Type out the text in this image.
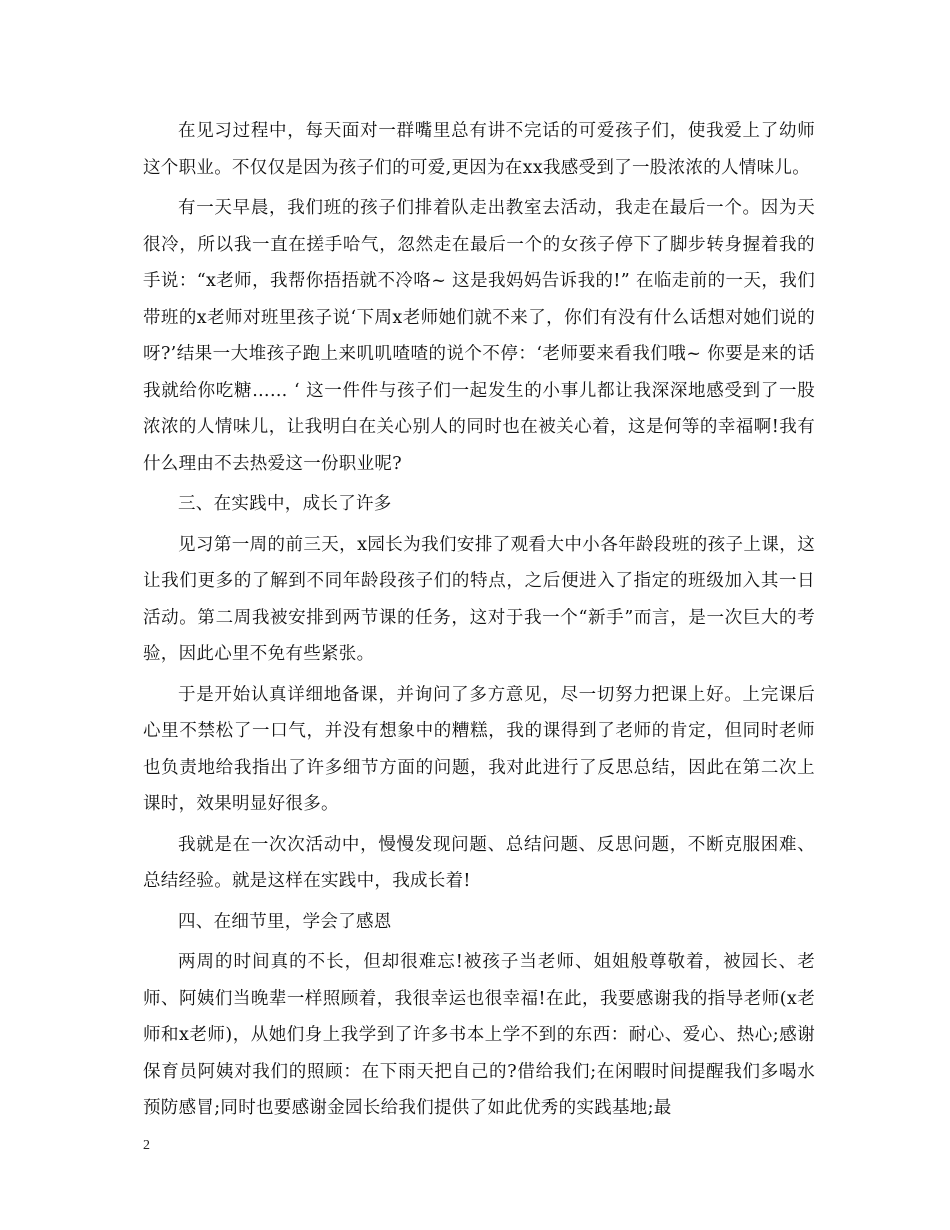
在见习过程中，每天面对一群嘴里总有讲不完话的可爱孩子们，使我爱上了幼师这个职业。不仅仅是因为孩子们的可爱,更因为在xx我感受到了一股浓浓的人情味儿。

有一天早晨，我们班的孩子们排着队走出教室去活动，我走在最后一个。因为天很冷，所以我一直在搓手哈气，忽然走在最后一个的女孩子停下了脚步转身握着我的手说：“x老师，我帮你捂捂就不冷咯~ 这是我妈妈告诉我的!” 在临走前的一天，我们带班的x老师对班里孩子说‘下周x老师她们就不来了，你们有没有什么话想对她们说的呀?’结果一大堆孩子跑上来叽叽喳喳的说个不停：‘老师要来看我们哦~ 你要是来的话我就给你吃糖…… ‘ 这一件件与孩子们一起发生的小事儿都让我深深地感受到了一股浓浓的人情味儿，让我明白在关心别人的同时也在被关心着，这是何等的幸福啊!我有什么理由不去热爱这一份职业呢?

三、在实践中，成长了许多

见习第一周的前三天，x园长为我们安排了观看大中小各年龄段班的孩子上课，这让我们更多的了解到不同年龄段孩子们的特点，之后便进入了指定的班级加入其一日活动。第二周我被安排到两节课的任务，这对于我一个“新手”而言，是一次巨大的考验，因此心里不免有些紧张。

于是开始认真详细地备课，并询问了多方意见，尽一切努力把课上好。上完课后心里不禁松了一口气，并没有想象中的糟糕，我的课得到了老师的肯定，但同时老师也负责地给我指出了许多细节方面的问题，我对此进行了反思总结，因此在第二次上课时，效果明显好很多。

我就是在一次次活动中，慢慢发现问题、总结问题、反思问题，不断克服困难、总结经验。就是这样在实践中，我成长着!

四、在细节里，学会了感恩

两周的时间真的不长，但却很难忘!被孩子当老师、姐姐般尊敬着，被园长、老师、阿姨们当晚辈一样照顾着，我很幸运也很幸福!在此，我要感谢我的指导老师(x老师和x老师)，从她们身上我学到了许多书本上学不到的东西：耐心、爱心、热心;感谢保育员阿姨对我们的照顾：在下雨天把自己的?借给我们;在闲暇时间提醒我们多喝水预防感冒;同时也要感谢金园长给我们提供了如此优秀的实践基地;最

2
